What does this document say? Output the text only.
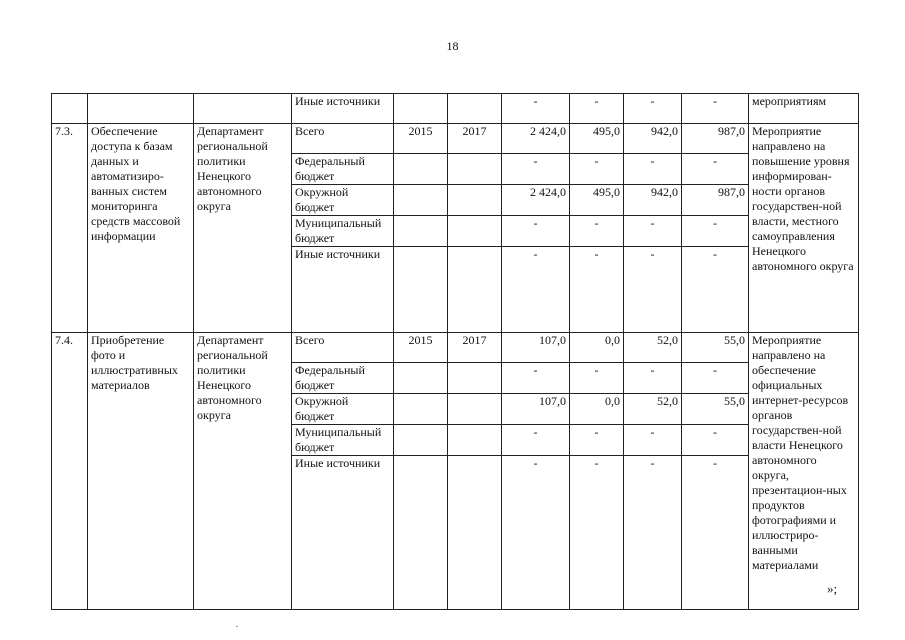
18
			Иные источники			-	-	-	-	мероприятиям
7.3.	Обеспечение доступа к базам данных и автоматизиро-ванных систем мониторинга средств массовой информации	Департамент региональной политики Ненецкого автономного округа	Всего	2015	2017	2 424,0	495,0	942,0	987,0	Мероприятие направлено на повышение уровня информирован-ности органов государствен-ной власти, местного самоуправления Ненецкого автономного округа
			Федеральный бюджет			-	-	-	-	
			Окружной бюджет			2 424,0	495,0	942,0	987,0	
			Муниципальный бюджет			-	-	-	-	
			Иные источники			-	-	-	-	
7.4.	Приобретение фото и иллюстративных материалов	Департамент региональной политики Ненецкого автономного округа	Всего	2015	2017	107,0	0,0	52,0	55,0	Мероприятие направлено на обеспечение официальных интернет-ресурсов органов государствен-ной власти Ненецкого автономного округа, презентацион-ных продуктов фотографиями и иллюстриро-ванными материалами
			Федеральный бюджет			-	-	-	-	
			Окружной бюджет			107,0	0,0	52,0	55,0	
			Муниципальный бюджет			-	-	-	-	
			Иные источники			-	-	-	-	
»;
